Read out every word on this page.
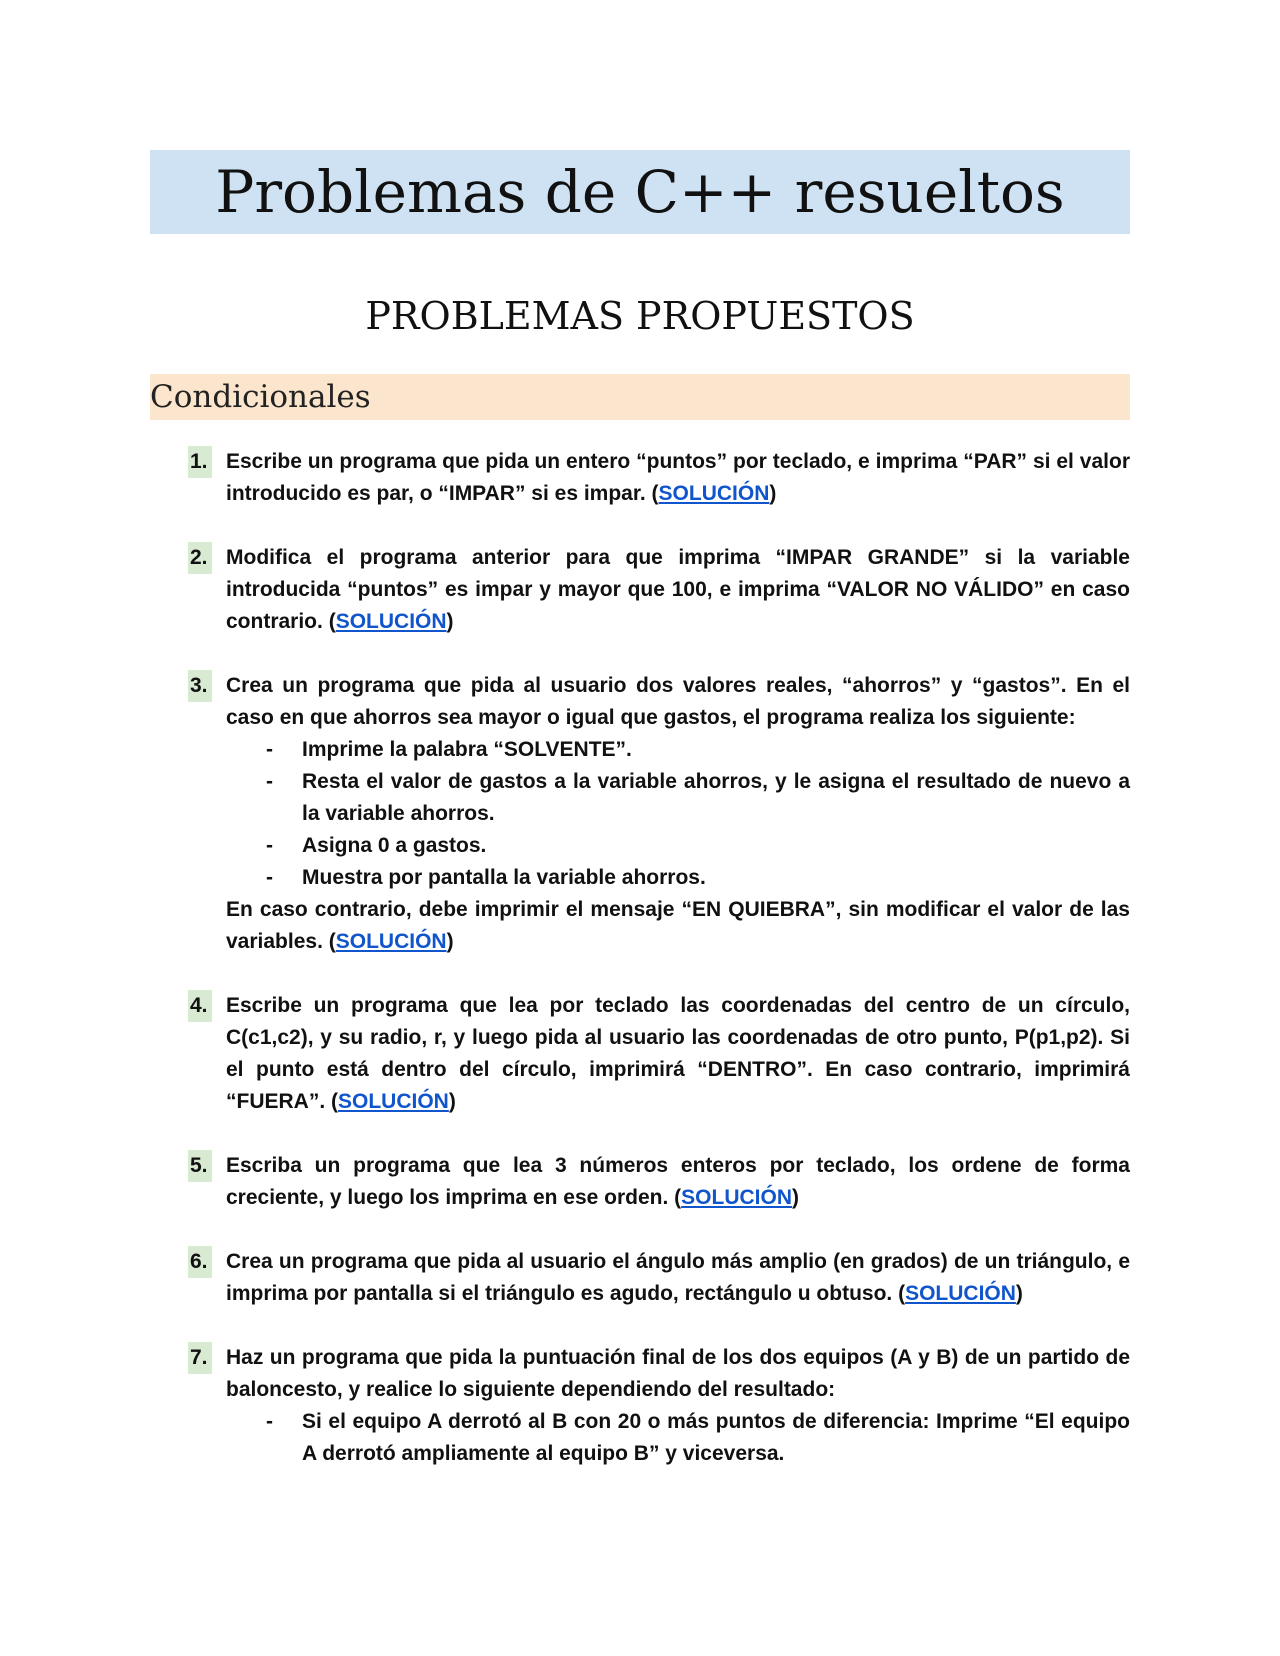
Problemas de C++ resueltos
PROBLEMAS PROPUESTOS
Condicionales
1. Escribe un programa que pida un entero “puntos” por teclado, e imprima “PAR” si el valor introducido es par, o “IMPAR” si es impar. (SOLUCIÓN)

2. Modifica el programa anterior para que imprima “IMPAR GRANDE” si la variable introducida “puntos” es impar y mayor que 100, e imprima “VALOR NO VÁLIDO” en caso contrario. (SOLUCIÓN)

3. Crea un programa que pida al usuario dos valores reales, “ahorros” y “gastos”. En el caso en que ahorros sea mayor o igual que gastos, el programa realiza los siguiente:

- Imprime la palabra “SOLVENTE”.
- Resta el valor de gastos a la variable ahorros, y le asigna el resultado de nuevo a la variable ahorros.
- Asigna 0 a gastos.
- Muestra por pantalla la variable ahorros.

En caso contrario, debe imprimir el mensaje “EN QUIEBRA”, sin modificar el valor de las variables. (SOLUCIÓN)

4. Escribe un programa que lea por teclado las coordenadas del centro de un círculo, C(c1,c2), y su radio, r, y luego pida al usuario las coordenadas de otro punto, P(p1,p2). Si el punto está dentro del círculo, imprimirá “DENTRO”. En caso contrario, imprimirá “FUERA”. (SOLUCIÓN)

5. Escriba un programa que lea 3 números enteros por teclado, los ordene de forma creciente, y luego los imprima en ese orden. (SOLUCIÓN)

6. Crea un programa que pida al usuario el ángulo más amplio (en grados) de un triángulo, e imprima por pantalla si el triángulo es agudo, rectángulo u obtuso. (SOLUCIÓN)

7. Haz un programa que pida la puntuación final de los dos equipos (A y B) de un partido de baloncesto, y realice lo siguiente dependiendo del resultado:

- Si el equipo A derrotó al B con 20 o más puntos de diferencia: Imprime “El equipo A derrotó ampliamente al equipo B” y viceversa.
